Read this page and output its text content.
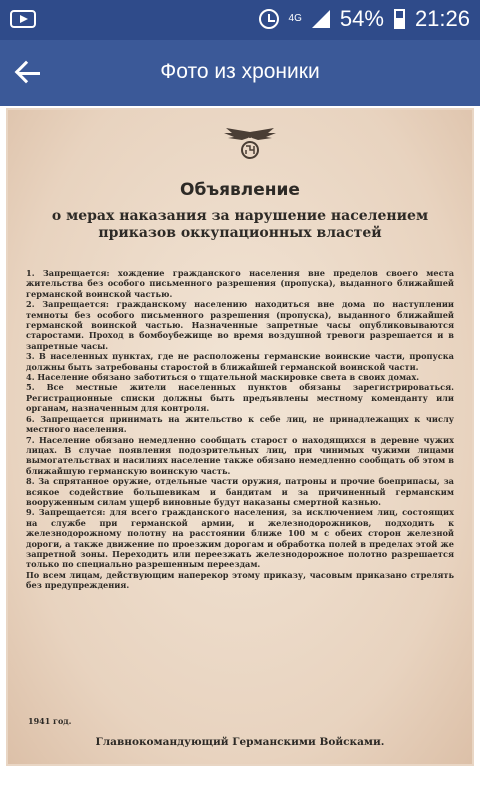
4G 54% 21:26
Фото из хроники
Объявление
о мерах наказания за нарушение населением приказов оккупационных властей

1. Запрещается: хождение гражданского населения вне пределов своего места жительства без особого письменного разрешения (пропуска), выданного ближайшей германской воинской частью.

2. Запрещается: гражданскому населению находиться вне дома по наступлении темноты без особого письменного разрешения (пропуска), выданного ближайшей германской воинской частью. Назначенные запретные часы опубликовываются старостами. Проход в бомбоубежище во время воздушной тревоги разрешается и в запретные часы.

3. В населенных пунктах, где не расположены германские воинские части, пропуска должны быть затребованы старостой в ближайшей германской воинской части.

4. Население обязано заботиться о тщательной маскировке света в своих домах.

5. Все местные жители населенных пунктов обязаны зарегистрироваться. Регистрационные списки должны быть предъявлены местному коменданту или органам, назначенным для контроля.

6. Запрещается принимать на жительство к себе лиц, не принадлежащих к числу местного населения.

7. Население обязано немедленно сообщать старост о находящихся в деревне чужих лицах. В случае появления подозрительных лиц, при чинимых чужими лицами вымогательствах и насилиях население также обязано немедленно сообщать об этом в ближайшую германскую воинскую часть.

8. За спрятанное оружие, отдельные части оружия, патроны и прочие боеприпасы, за всякое содействие большевикам и бандитам и за причиненный германским вооруженным силам ущерб виновные будут наказаны смертной казнью.

9. Запрещается: для всего гражданского населения, за исключением лиц, состоящих на службе при германской армии, и железнодорожников, подходить к железнодорожному полотну на расстоянии ближе 100 м с обеих сторон железной дороги, а также движение по проезжим дорогам и обработка полей в пределах этой же запретной зоны. Переходить или переезжать железнодорожное полотно разрешается только по специально разрешенным переездам.

По всем лицам, действующим наперекор этому приказу, часовым приказано стрелять без предупреждения.

1941 год.
Главнокомандующий Германскими Войсками.
